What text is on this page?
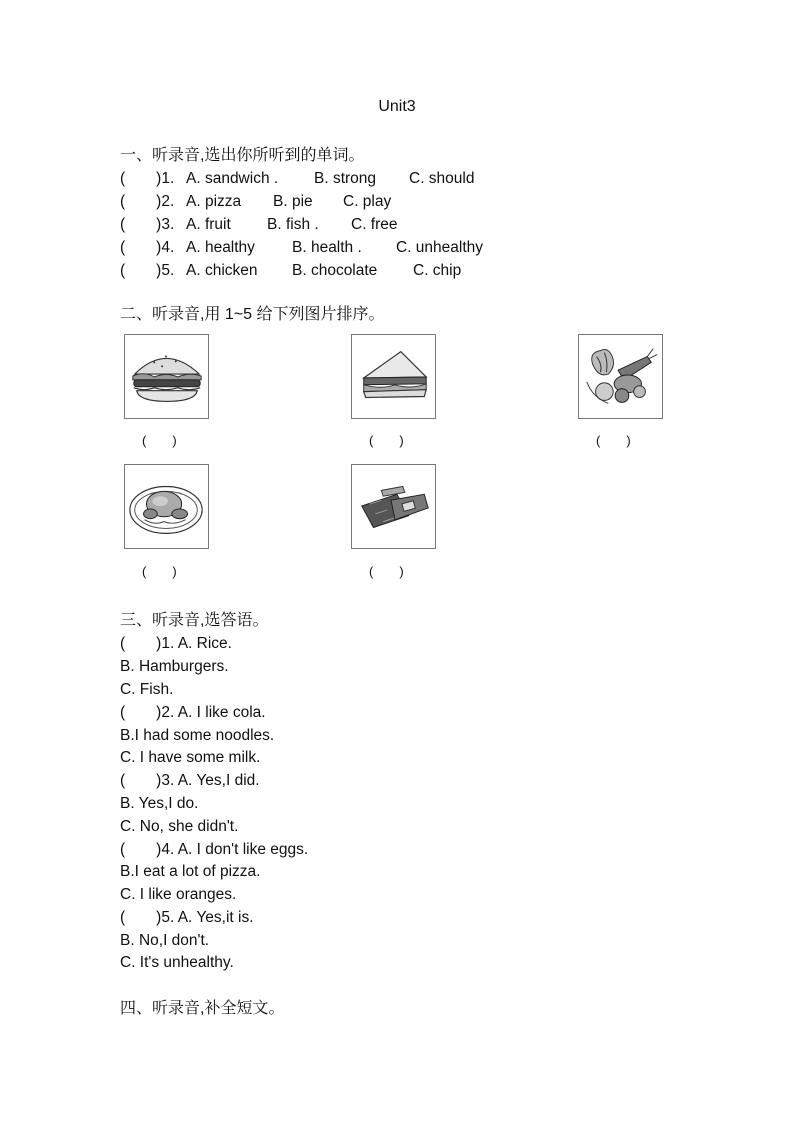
Unit3
一、听录音,选出你所听到的单词。
(　　)1. A. sandwich . B. strong C. should
(　　)2. A. pizza B. pie C. play
(　　)3. A. fruit B. fish . C. free
(　　)4. A. healthy B. health . C. unhealthy
(　　)5. A. chicken B. chocolate C. chip
二、听录音,用 1~5 给下列图片排序。
(　　)	(　　)	(　　)
(　　)	(　　)
三、听录音,选答语。
(　　)1. A. Rice.
B. Hamburgers.
C. Fish.
(　　)2. A. I like cola.
B.I had some noodles.
C. I have some milk.
(　　)3. A. Yes,I did.
B. Yes,I do.
C. No, she didn't.
(　　)4. A. I don't like eggs.
B.I eat a lot of pizza.
C. I like oranges.
(　　)5. A. Yes,it is.
B. No,I don't.
C. It's unhealthy.
四、听录音,补全短文。
